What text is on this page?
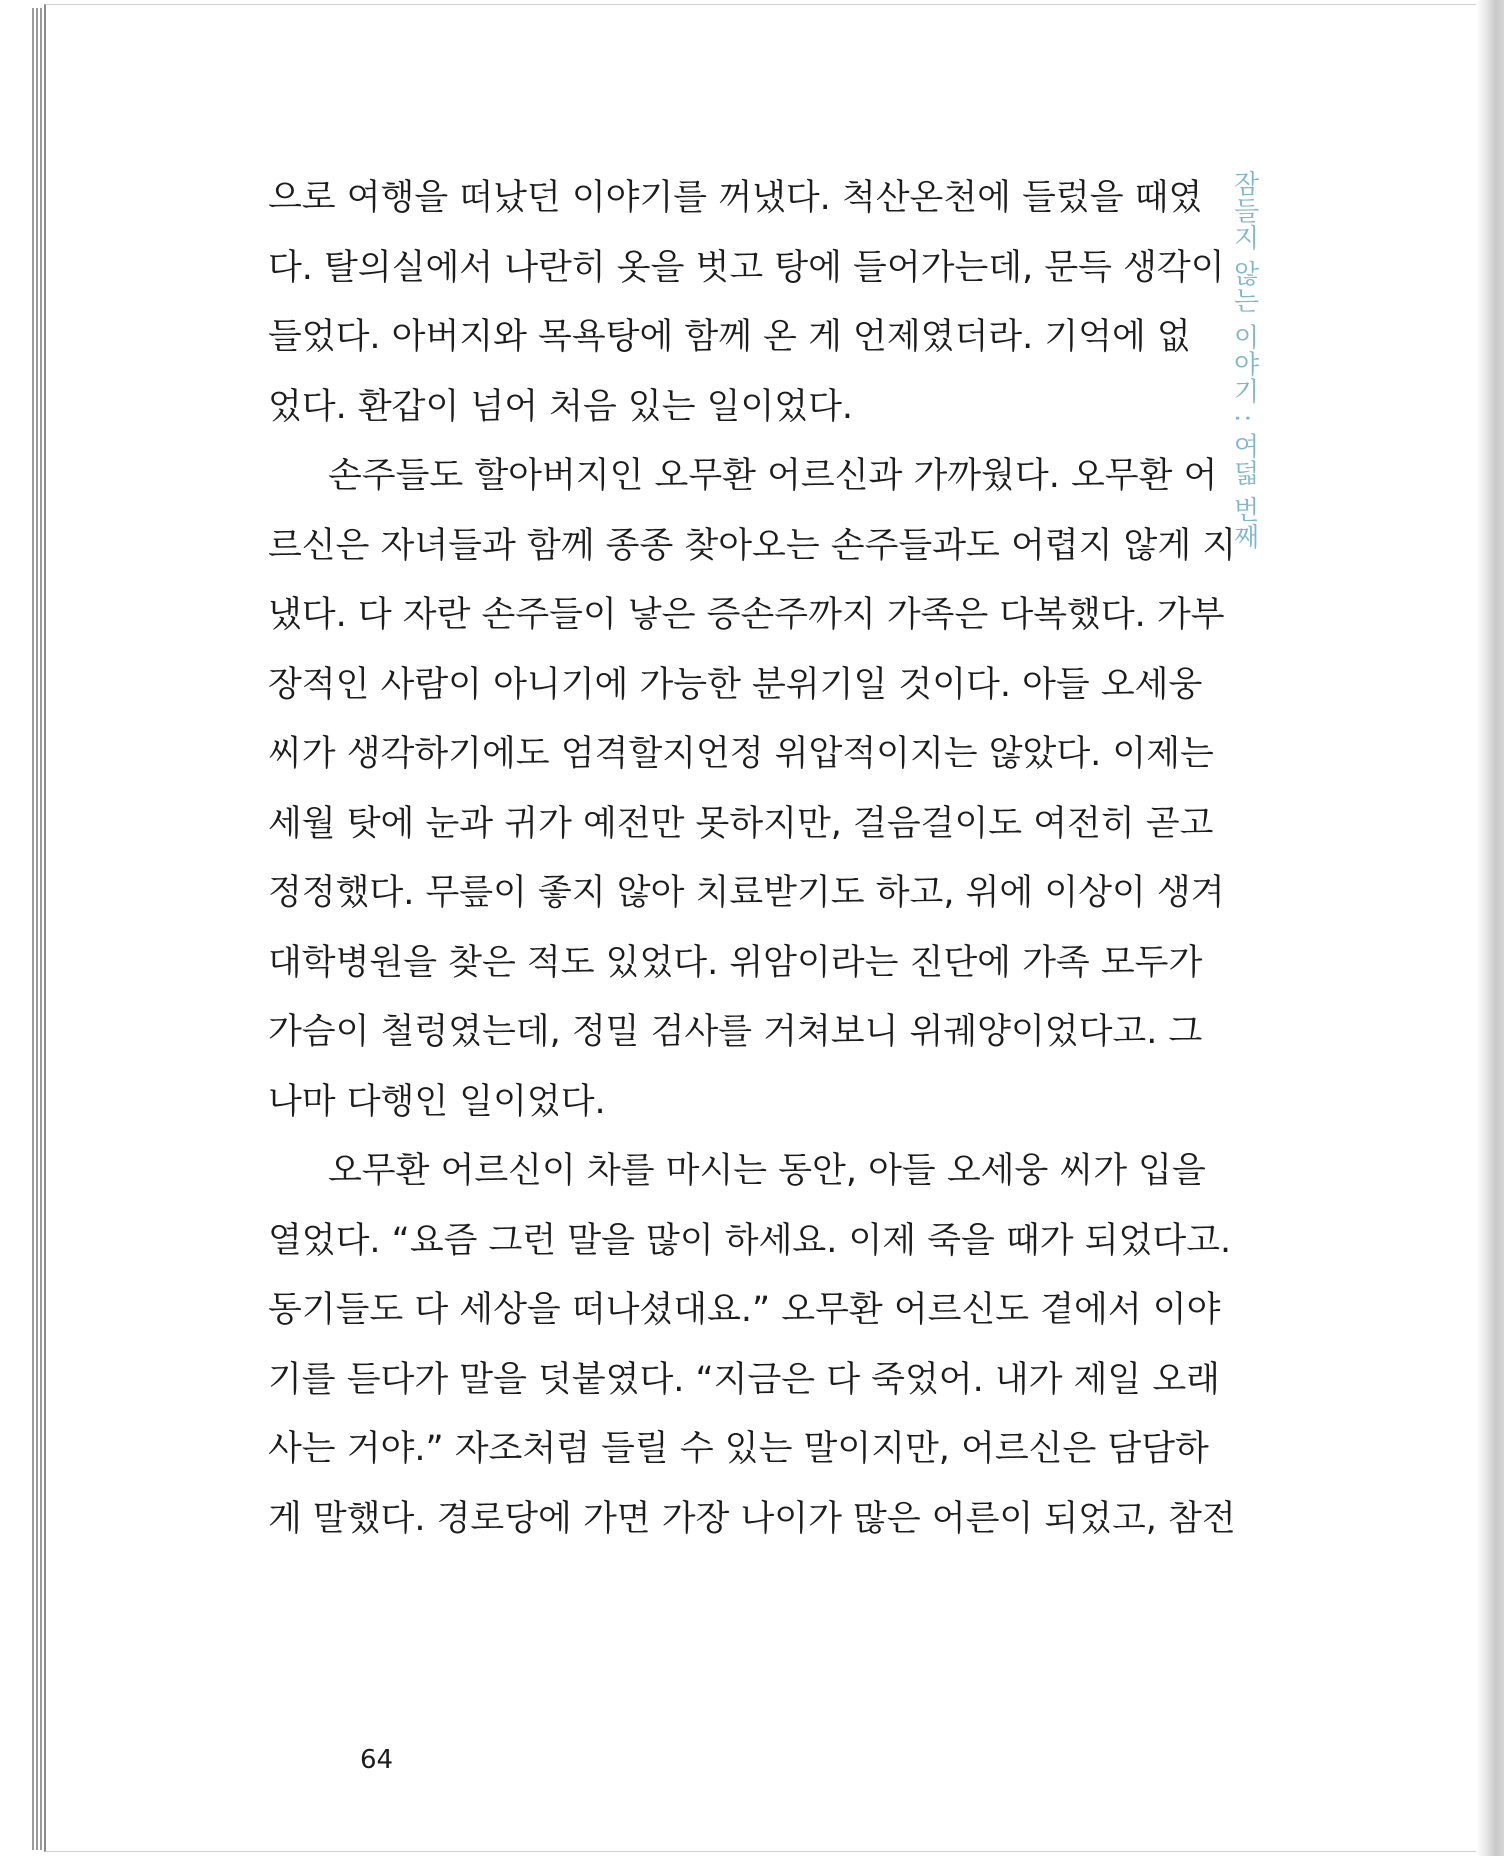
으로 여행을 떠났던 이야기를 꺼냈다. 척산온천에 들렀을 때였
다. 탈의실에서 나란히 옷을 벗고 탕에 들어가는데, 문득 생각이
들었다. 아버지와 목욕탕에 함께 온 게 언제였더라. 기억에 없
었다. 환갑이 넘어 처음 있는 일이었다.
손주들도 할아버지인 오무환 어르신과 가까웠다. 오무환 어
르신은 자녀들과 함께 종종 찾아오는 손주들과도 어렵지 않게 지
냈다. 다 자란 손주들이 낳은 증손주까지 가족은 다복했다. 가부
장적인 사람이 아니기에 가능한 분위기일 것이다. 아들 오세웅
씨가 생각하기에도 엄격할지언정 위압적이지는 않았다. 이제는
세월 탓에 눈과 귀가 예전만 못하지만, 걸음걸이도 여전히 곧고
정정했다. 무릎이 좋지 않아 치료받기도 하고, 위에 이상이 생겨
대학병원을 찾은 적도 있었다. 위암이라는 진단에 가족 모두가
가슴이 철렁였는데, 정밀 검사를 거쳐보니 위궤양이었다고. 그
나마 다행인 일이었다.
오무환 어르신이 차를 마시는 동안, 아들 오세웅 씨가 입을
열었다. “요즘 그런 말을 많이 하세요. 이제 죽을 때가 되었다고.
동기들도 다 세상을 떠나셨대요.” 오무환 어르신도 곁에서 이야
기를 듣다가 말을 덧붙였다. “지금은 다 죽었어. 내가 제일 오래
사는 거야.” 자조처럼 들릴 수 있는 말이지만, 어르신은 담담하
게 말했다. 경로당에 가면 가장 나이가 많은 어른이 되었고, 참전
잠들지 않는 이야기 : 여덟 번째
64
